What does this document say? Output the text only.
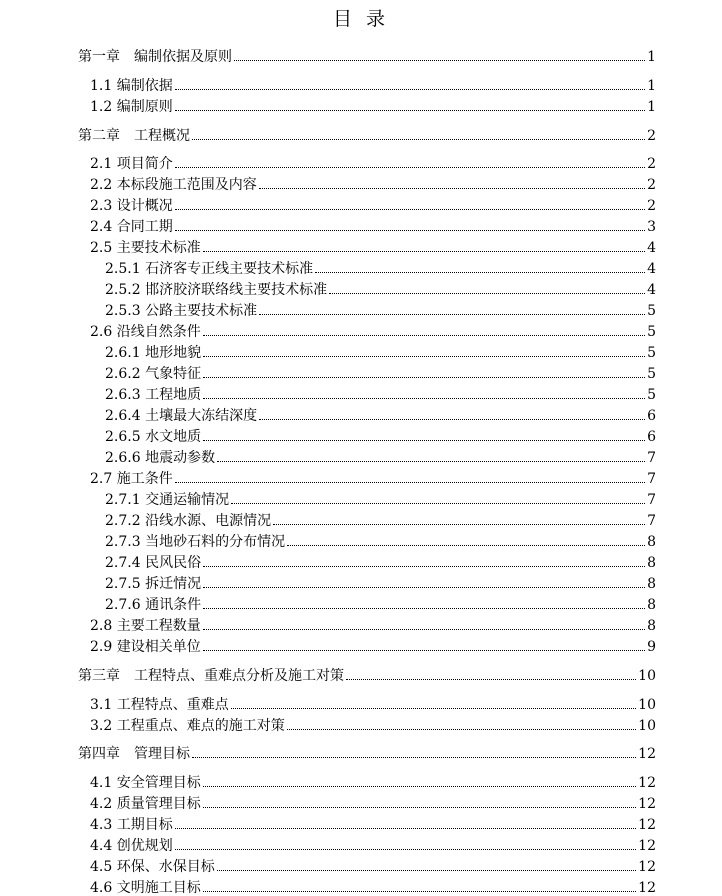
目 录
第一章　编制依据及原则	1
1.1 编制依据	1
1.2 编制原则	1
第二章　工程概况	2
2.1 项目简介	2
2.2 本标段施工范围及内容	2
2.3 设计概况	2
2.4 合同工期	3
2.5 主要技术标准	4
2.5.1 石济客专正线主要技术标准	4
2.5.2 邯济胶济联络线主要技术标准	4
2.5.3 公路主要技术标准	5
2.6 沿线自然条件	5
2.6.1 地形地貌	5
2.6.2 气象特征	5
2.6.3 工程地质	5
2.6.4 土壤最大冻结深度	6
2.6.5 水文地质	6
2.6.6 地震动参数	7
2.7 施工条件	7
2.7.1 交通运输情况	7
2.7.2 沿线水源、电源情况	7
2.7.3 当地砂石料的分布情况	8
2.7.4 民风民俗	8
2.7.5 拆迁情况	8
2.7.6 通讯条件	8
2.8 主要工程数量	8
2.9 建设相关单位	9
第三章　工程特点、重难点分析及施工对策	10
3.1 工程特点、重难点	10
3.2 工程重点、难点的施工对策	10
第四章　管理目标	12
4.1 安全管理目标	12
4.2 质量管理目标	12
4.3 工期目标	12
4.4 创优规划	12
4.5 环保、水保目标	12
4.6 文明施工目标	12
